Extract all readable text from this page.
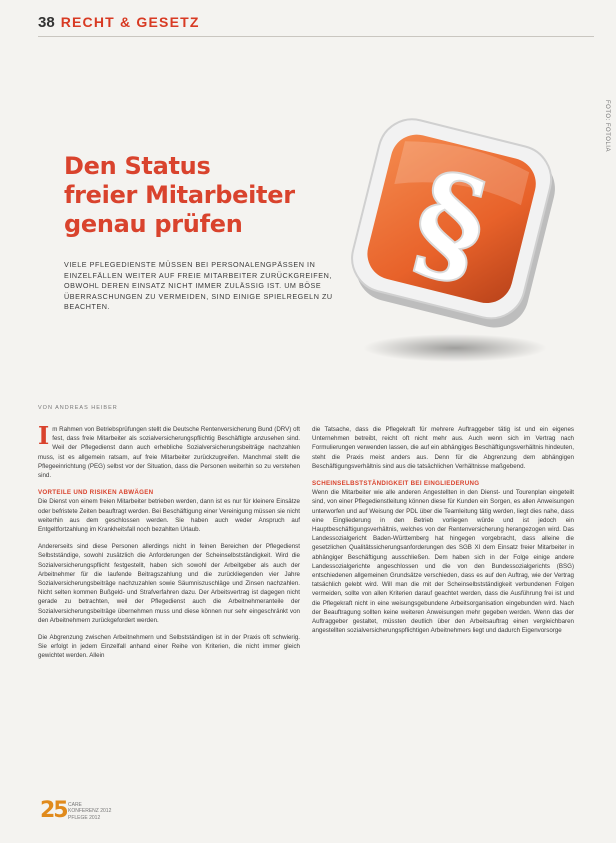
38 RECHT & GESETZ
FOTO: FOTOLIA
Den Status
freier Mitarbeiter
genau prüfen
VIELE PFLEGEDIENSTE MÜSSEN BEI PERSONALENGPÄSSEN IN EINZELFÄLLEN WEITER AUF FREIE MITARBEITER ZURÜCKGREIFEN, OBWOHL DEREN EINSATZ NICHT IMMER ZULÄSSIG IST. UM BÖSE ÜBERRASCHUNGEN ZU VERMEIDEN, SIND EINIGE SPIELREGELN ZU BEACHTEN.
§
VON ANDREAS HEIBER

Im Rahmen von Betriebsprüfungen stellt die Deutsche Rentenversicherung Bund (DRV) oft fest, dass freie Mitarbeiter als sozialversicherungspflichtig Beschäftigte anzusehen sind. Weil der Pflegedienst dann auch erhebliche Sozialversicherungsbeiträge nachzahlen muss, ist es allgemein ratsam, auf freie Mitarbeiter zurückzugreifen. Manchmal stellt die Pflegeeinrichtung (PEG) selbst vor der Situation, dass die Personen weiterhin so zu verstehen sind.

VORTEILE UND RISIKEN ABWÄGEN

Die Dienst von einem freien Mitarbeiter betrieben werden, dann ist es nur für kleinere Einsätze oder befristete Zeiten beauftragt werden. Bei Beschäftigung einer Vereinigung müssen sie nicht weiterhin aus dem geschlossen werden. Sie haben auch weder Anspruch auf Entgeltfortzahlung im Krankheitsfall noch bezahlten Urlaub.

Andererseits sind diese Personen allerdings nicht in feinen Bereichen der Pflegedienst Selbstständige, sowohl zusätzlich die Anforderungen der Scheinselbstständigkeit. Wird die Sozialversicherungspflicht festgestellt, haben sich sowohl der Arbeitgeber als auch der Arbeitnehmer für die laufende Beitragszahlung und die zurückliegenden vier Jahre Sozialversicherungsbeiträge nachzuzahlen sowie Säumniszuschläge und Zinsen nachzahlen. Nicht selten kommen Bußgeld- und Strafverfahren dazu. Der Arbeitsvertrag ist dagegen nicht gerade zu betrachten, weil der Pflegedienst auch die Arbeitnehmeranteile der Sozialversicherungsbeiträge übernehmen muss und diese können nur sehr eingeschränkt von den Arbeitnehmern zurückgefordert werden.

Die Abgrenzung zwischen Arbeitnehmern und Selbstständigen ist in der Praxis oft schwierig. Sie erfolgt in jedem Einzelfall anhand einer Reihe von Kriterien, die nicht immer gleich gewichtet werden. Allein

die Tatsache, dass die Pflegekraft für mehrere Auftraggeber tätig ist und ein eigenes Unternehmen betreibt, reicht oft nicht mehr aus. Auch wenn sich im Vertrag nach Formulierungen verwenden lassen, die auf ein abhängiges Beschäftigungsverhältnis hindeuten, steht die Praxis meist anders aus. Denn für die Abgrenzung dem abhängigen Beschäftigungsverhältnis sind aus die tatsächlichen Verhältnisse maßgebend.

SCHEINSELBSTSTÄNDIGKEIT BEI EINGLIEDERUNG

Wenn die Mitarbeiter wie alle anderen Angestellten in den Dienst- und Tourenplan eingeteilt sind, von einer Pflegedienstleitung können diese für Kunden ein Sorgen, es allen Anweisungen unterworfen und auf Weisung der PDL über die Teamleitung tätig werden, liegt dies nahe, dass eine Eingliederung in den Betrieb vorliegen würde und ist jedoch ein Hauptbeschäftigungsverhältnis, welches von der Rentenversicherung herangezogen wird. Das Landessozialgericht Baden-Württemberg hat hingegen vorgebracht, dass alleine die gesetzlichen Qualitätssicherungsanforderungen des SGB XI dem Einsatz freier Mitarbeiter in abhängiger Beschäftigung ausschließen. Dem haben sich in der Folge einige andere Landessozialgerichte angeschlossen und die von den Bundessozialgerichts (BSG) entschiedenen allgemeinen Grundsätze verschieden, dass es auf den Auftrag, wie der Vertrag tatsächlich gelebt wird. Will man die mit der Scheinselbstständigkeit verbundenen Folgen vermeiden, sollte von allen Kriterien darauf geachtet werden, dass die Ausführung frei ist und die Pflegekraft nicht in eine weisungsgebundene Arbeitsorganisation eingebunden wird. Nach der Beauftragung sollten keine weiteren Anweisungen mehr gegeben werden. Wenn das der Auftraggeber gestaltet, müssten deutlich über den Arbeitsauftrag einen vergleichbaren angestellten sozialversicherungspflichtigen Arbeitnehmers liegt und dadurch Eigenvorsorge

25 CARE
KONFERENZ 2012
PFLEGE 2012
